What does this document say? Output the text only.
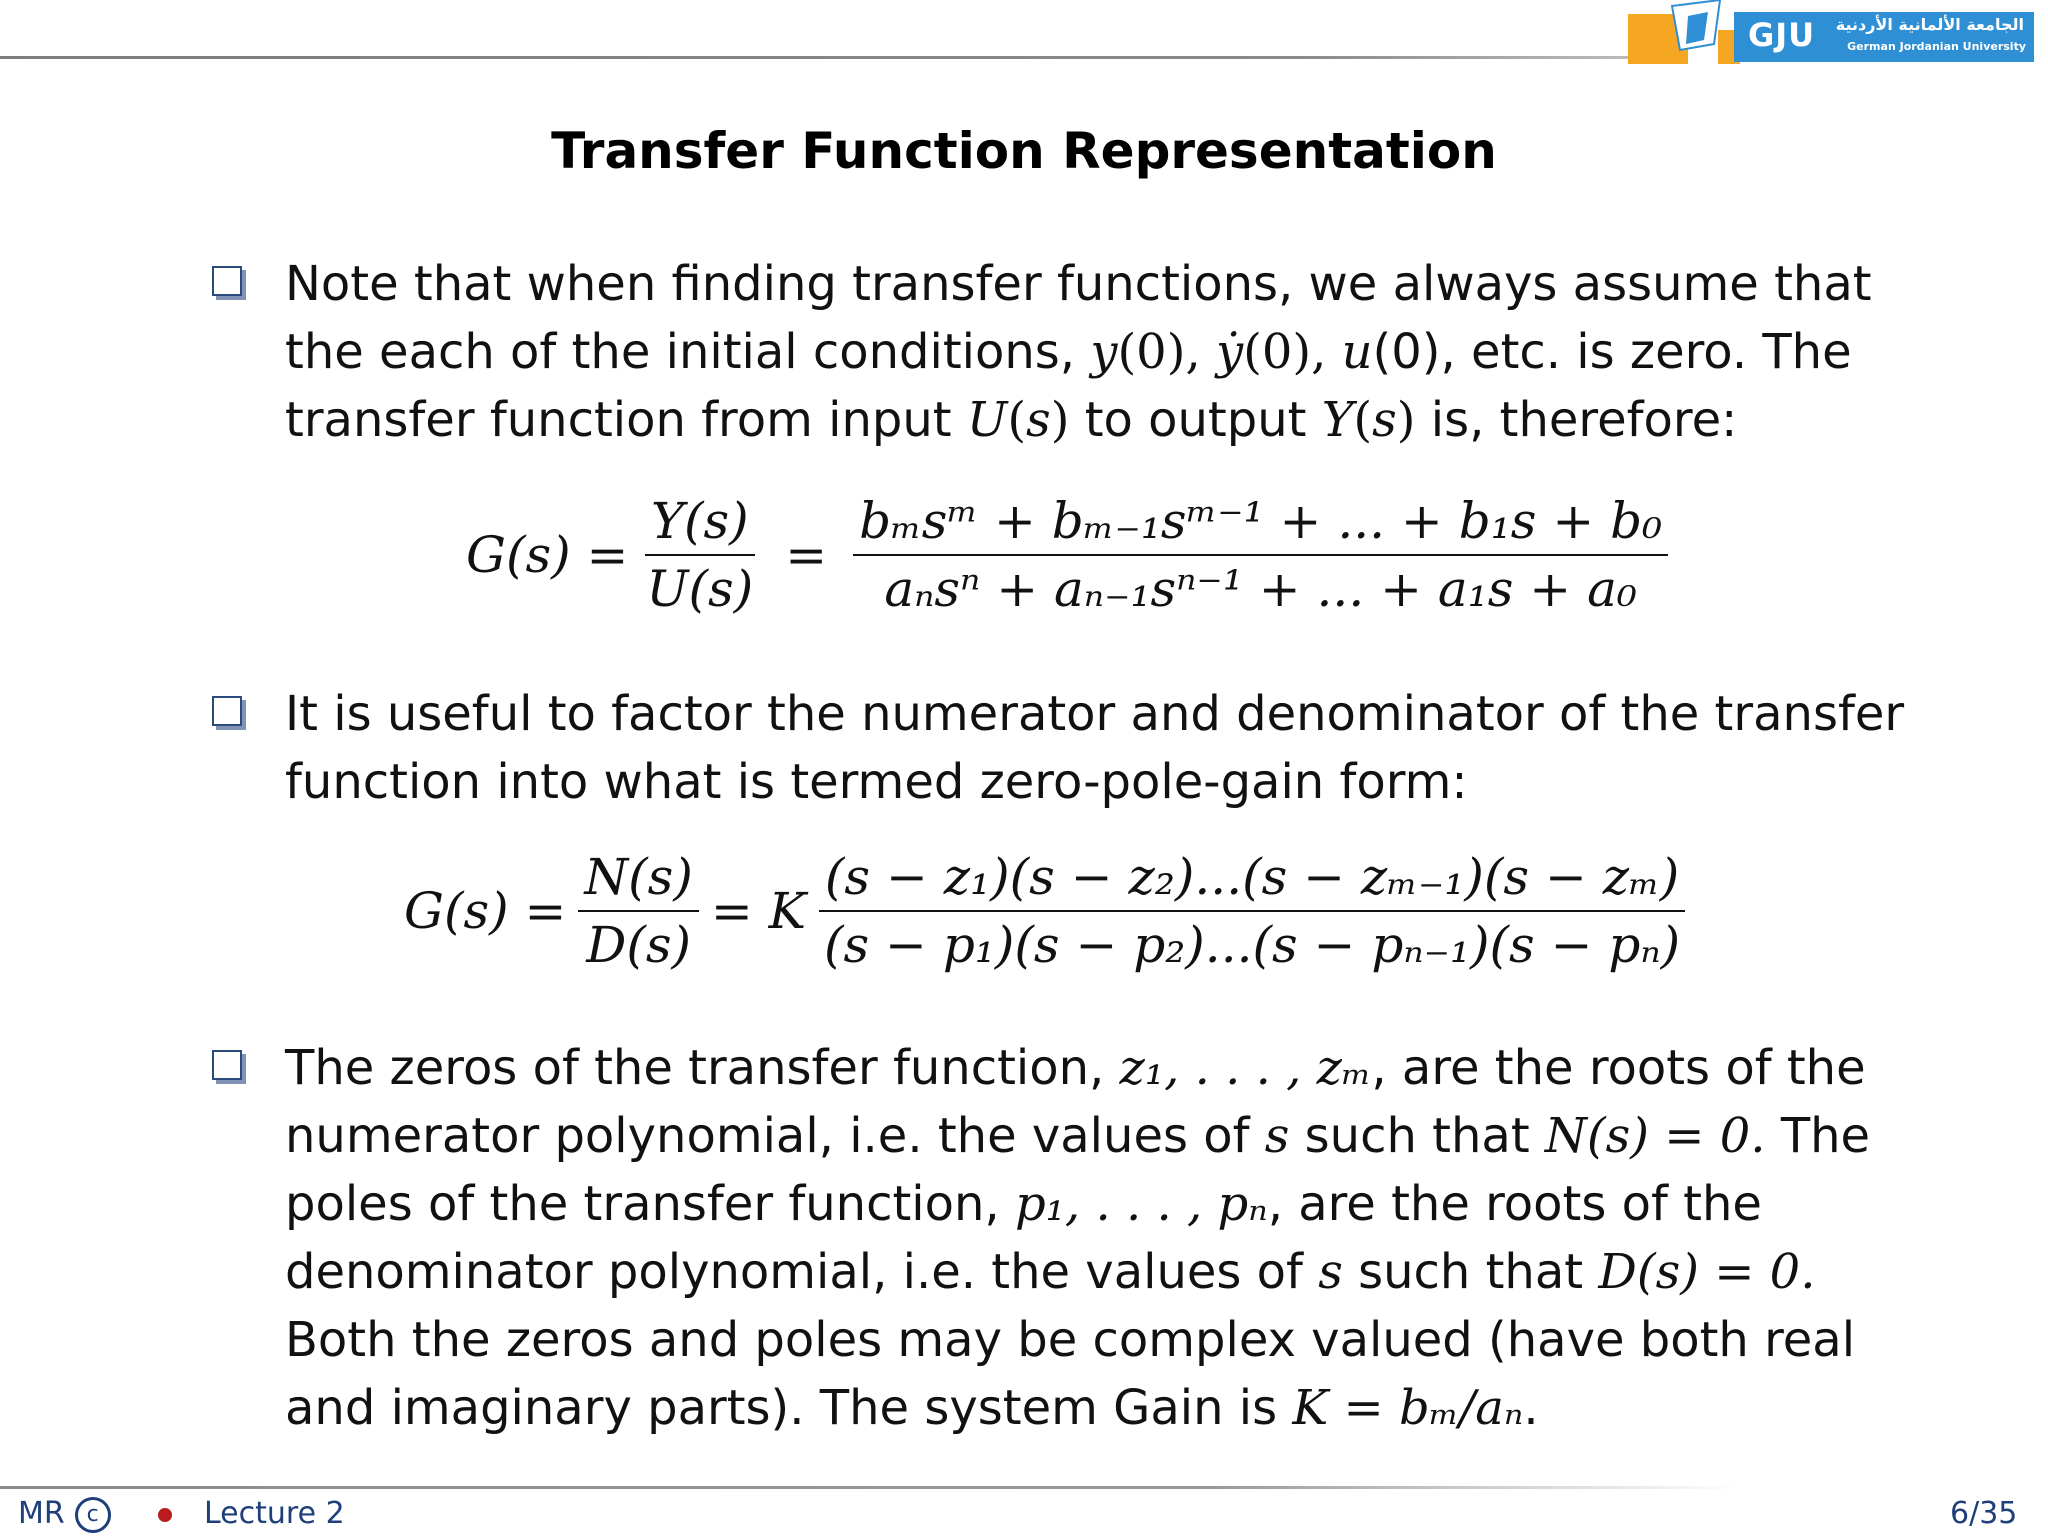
GJU الجامعة الألمانية الأردنية
German Jordanian University
Transfer Function Representation
Note that when finding transfer functions, we always assume that
the each of the initial conditions, y(0), ẏ(0), u(0), etc. is zero. The
transfer function from input U(s) to output Y(s) is, therefore:
$G(s) = \frac{Y(s)}{U(s)} = \frac{\text{bₘsᵐ + bₘ₋₁sᵐ⁻¹ + ... + b₁s + b₀}}{\text{aₙsⁿ + aₙ₋₁sⁿ⁻¹ + ... + a₁s + a₀}}$
It is useful to factor the numerator and denominator of the transfer
function into what is termed zero-pole-gain form:
$G(s) = \frac{N(s)}{D(s)} = K \frac{\text{(s − z₁)(s − z₂)...(s − zₘ₋₁)(s − zₘ)}}{\text{(s − p₁)(s − p₂)...(s − pₙ₋₁)(s − pₙ)}}$
The zeros of the transfer function, z₁, . . . , zₘ, are the roots of the
numerator polynomial, i.e. the values of s such that N(s) = 0. The
poles of the transfer function, p₁, . . . , pₙ, are the roots of the
denominator polynomial, i.e. the values of s such that D(s) = 0.
Both the zeros and poles may be complex valued (have both real
and imaginary parts). The system Gain is K = bₘ/aₙ.
MR c	Lecture 2	6/35
